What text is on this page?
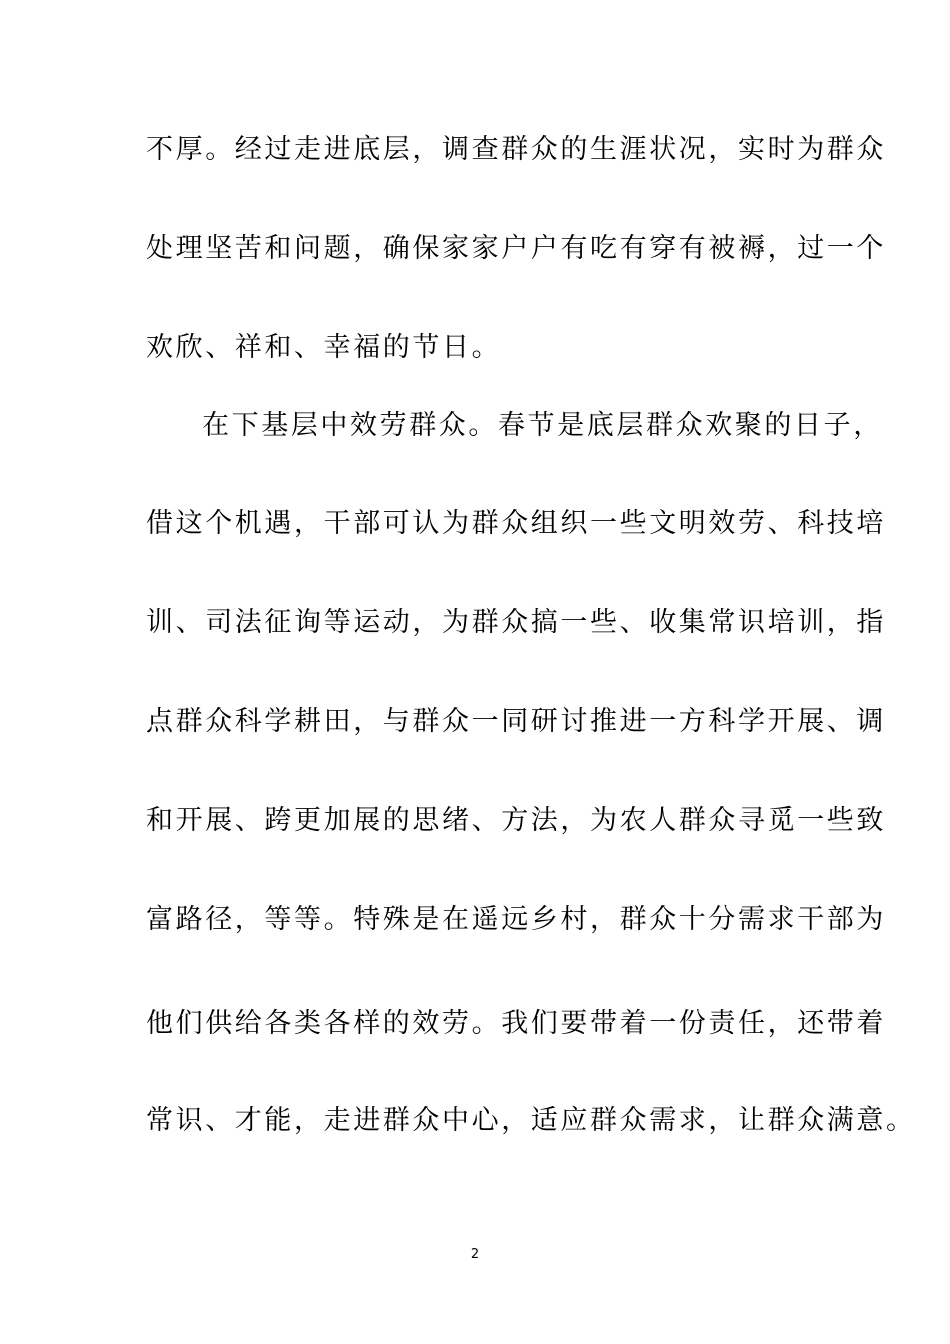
不厚。经过走进底层，调查群众的生涯状况，实时为群众
处理坚苦和问题，确保家家户户有吃有穿有被褥，过一个
欢欣、祥和、幸福的节日。
在下基层中效劳群众。春节是底层群众欢聚的日子，
借这个机遇，干部可认为群众组织一些文明效劳、科技培
训、司法征询等运动，为群众搞一些、收集常识培训，指
点群众科学耕田，与群众一同研讨推进一方科学开展、调
和开展、跨更加展的思绪、方法，为农人群众寻觅一些致
富路径，等等。特殊是在遥远乡村，群众十分需求干部为
他们供给各类各样的效劳。我们要带着一份责任，还带着
常识、才能，走进群众中心，适应群众需求，让群众满意。
2
